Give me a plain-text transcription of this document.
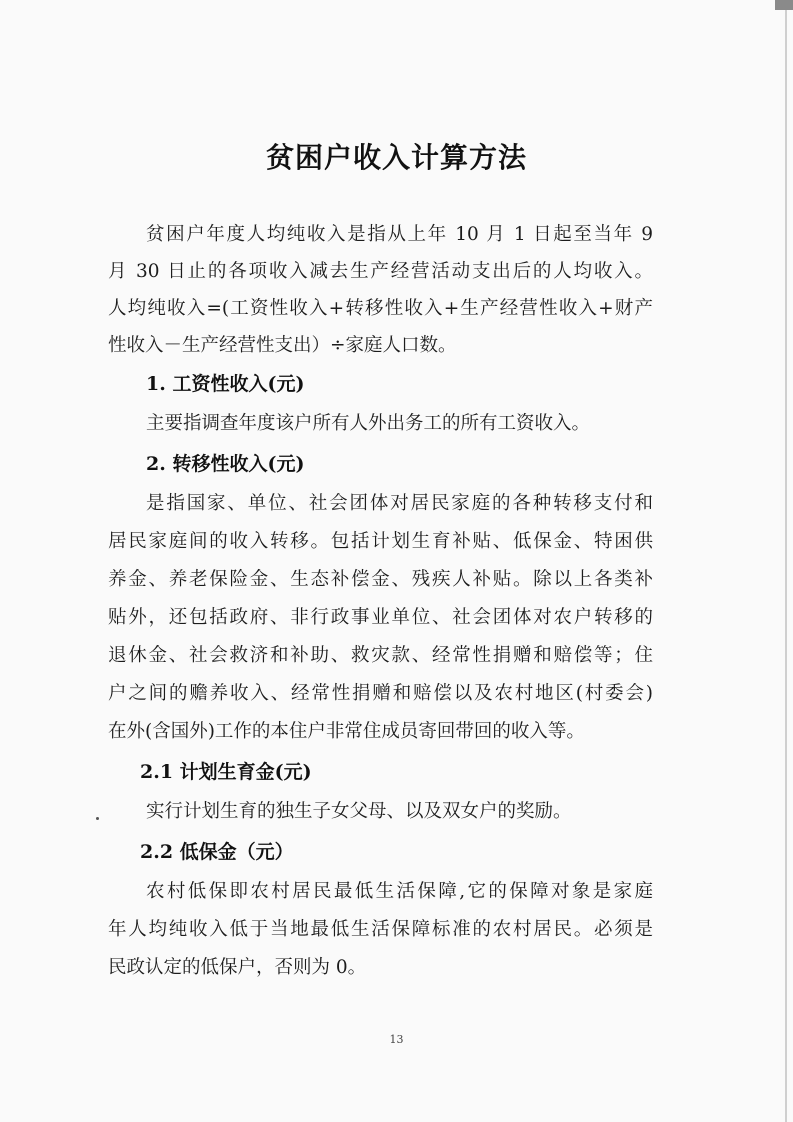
贫困户收入计算方法
贫困户年度人均纯收入是指从上年 10 月 1 日起至当年 9
月 30 日止的各项收入减去生产经营活动支出后的人均收入。
人均纯收入=(工资性收入+转移性收入+生产经营性收入+财产
性收入－生产经营性支出）÷家庭人口数。
1. 工资性收入(元)
主要指调查年度该户所有人外出务工的所有工资收入。
2. 转移性收入(元)
是指国家、单位、社会团体对居民家庭的各种转移支付和
居民家庭间的收入转移。包括计划生育补贴、低保金、特困供
养金、养老保险金、生态补偿金、残疾人补贴。除以上各类补
贴外，还包括政府、非行政事业单位、社会团体对农户转移的
退休金、社会救济和补助、救灾款、经常性捐赠和赔偿等；住
户之间的赡养收入、经常性捐赠和赔偿以及农村地区(村委会)
在外(含国外)工作的本住户非常住成员寄回带回的收入等。
2.1 计划生育金(元)
实行计划生育的独生子女父母、以及双女户的奖励。
2.2 低保金（元）
农村低保即农村居民最低生活保障,它的保障对象是家庭
年人均纯收入低于当地最低生活保障标准的农村居民。必须是
民政认定的低保户，否则为 0。
13
